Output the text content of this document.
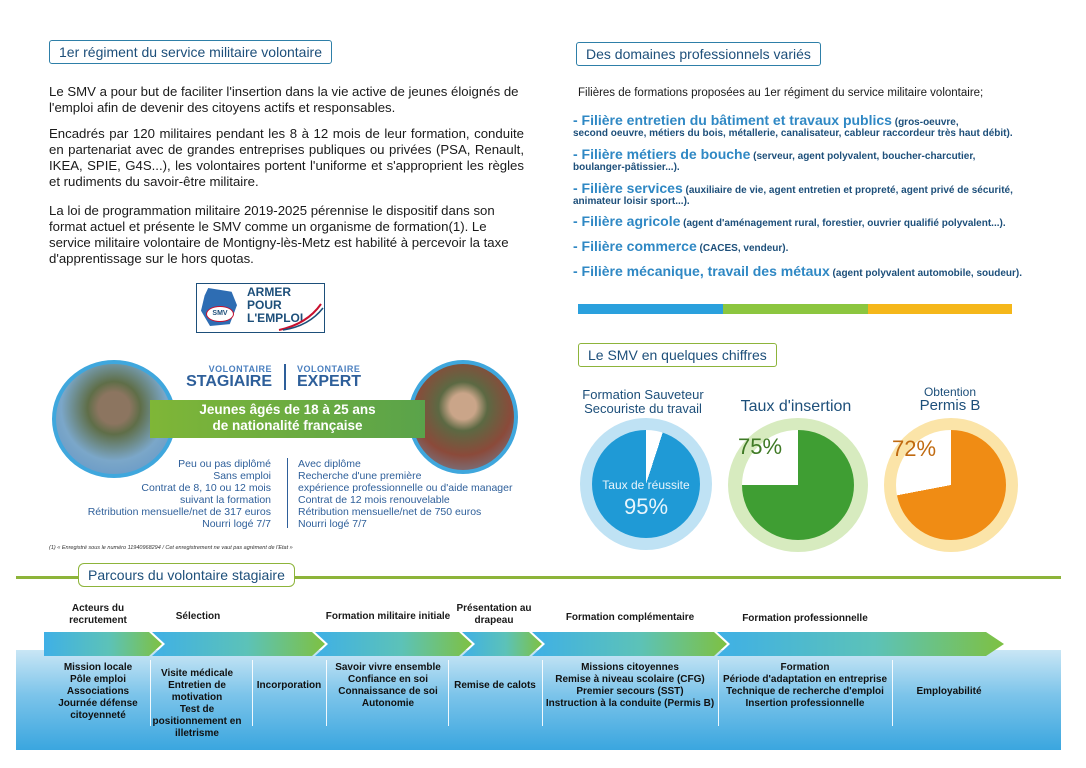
1er régiment du service militaire volontaire
Le SMV a pour but de faciliter l'insertion dans la vie active de jeunes éloignés de l'emploi afin de devenir des citoyens actifs et responsables.
Encadrés par 120 militaires pendant les 8 à 12 mois de leur formation, conduite en partenariat avec de grandes entreprises publiques ou privées (PSA, Renault, IKEA, SPIE, G4S...), les volontaires portent l'uniforme et s'approprient les règles et rudiments du savoir-être militaire.
La loi de programmation militaire 2019-2025 pérennise le dispositif dans son format actuel et présente le SMV comme un organisme de formation(1). Le service militaire volontaire de Montigny-lès-Metz est habilité à percevoir la taxe d'apprentissage sur le hors quotas.
SMV
ARMER
POUR
L'EMPLOI
VOLONTAIRE
STAGIAIRE
VOLONTAIRE
EXPERT
Jeunes âgés de 18 à 25 ans
de nationalité française
Peu ou pas diplômé
Sans emploi
Contrat de 8, 10 ou 12 mois
suivant la formation
Rétribution mensuelle/net de 317 euros
Nourri logé 7/7
Avec diplôme
Recherche d'une première
expérience professionnelle ou d'aide manager
Contrat de 12 mois renouvelable
Rétribution mensuelle/net de 750 euros
Nourri logé 7/7
(1) « Enregistré sous le numéro 11940968294 / Cet enregistrement ne vaut pas agrément de l'Etat »
Des domaines professionnels variés
Filières de formations proposées au 1er régiment du service militaire volontaire;
- Filière entretien du bâtiment et travaux publics (gros-oeuvre,
second oeuvre, métiers du bois, métallerie, canalisateur, cableur raccordeur très haut débit).
- Filière métiers de bouche (serveur, agent polyvalent, boucher-charcutier,
boulanger-pâtissier...).
- Filière services (auxiliaire de vie, agent entretien et propreté, agent privé de sécurité,
animateur loisir sport...).
- Filière agricole (agent d'aménagement rural, forestier, ouvrier qualifié polyvalent...).
- Filière commerce (CACES, vendeur).
- Filière mécanique, travail des métaux (agent polyvalent automobile, soudeur).
Le SMV en quelques chiffres
Formation Sauveteur
Secouriste du travail	Taux d'insertion
Obtention
Permis B
Taux de réussite
95%
75%	72%
Parcours du volontaire stagiaire
Acteurs du recrutement	Sélection	Formation militaire initiale
Présentation au drapeau	Formation complémentaire	Formation professionnelle
Mission locale
Pôle emploi
Associations
Journée défense citoyenneté
Visite médicale
Entretien de motivation
Test de positionnement en illetrisme
Incorporation
Savoir vivre ensemble
Confiance en soi
Connaissance de soi
Autonomie
Remise de calots
Missions citoyennes
Remise à niveau scolaire (CFG)
Premier secours (SST)
Instruction à la conduite (Permis B)
Formation
Période d'adaptation en entreprise
Technique de recherche d'emploi
Insertion professionnelle
Employabilité
